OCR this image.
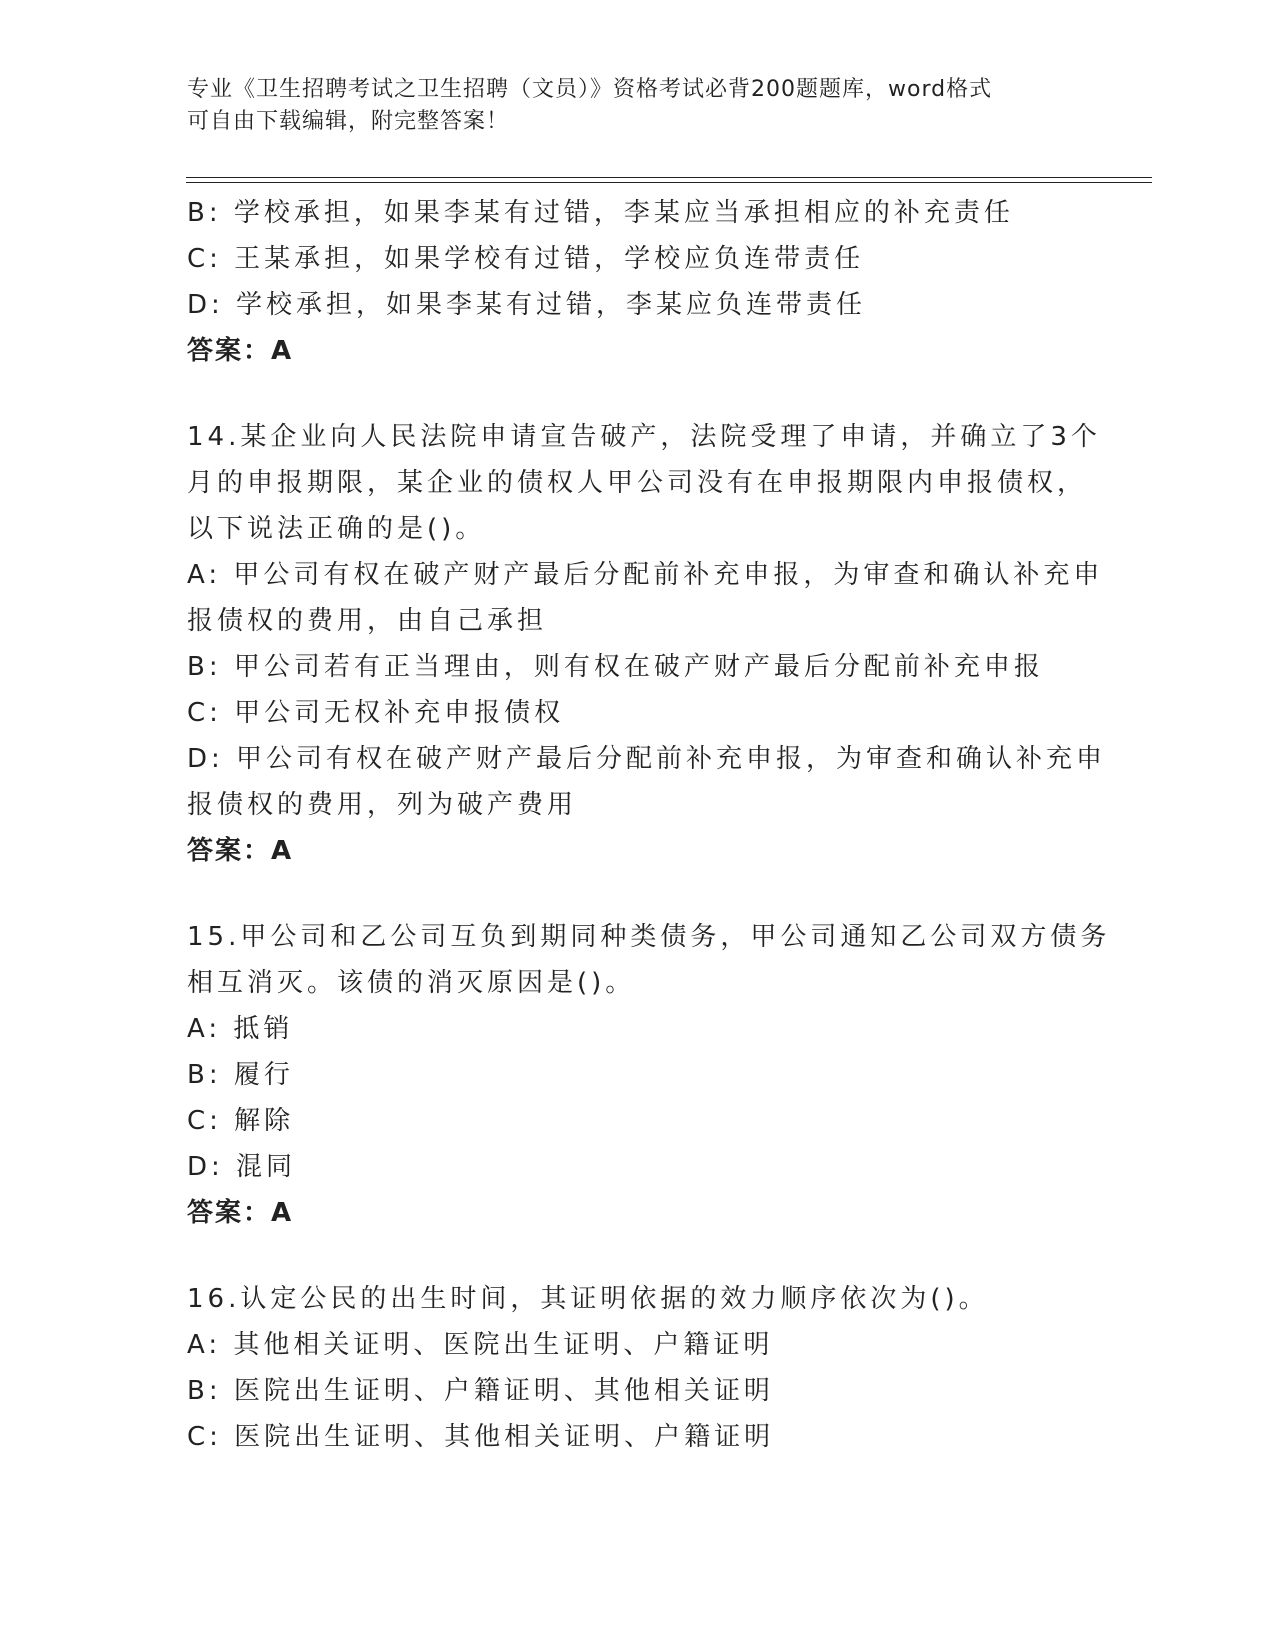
专业《卫生招聘考试之卫生招聘（文员）》资格考试必背200题题库，word格式
可自由下载编辑，附完整答案！
B: 学校承担，如果李某有过错，李某应当承担相应的补充责任
C: 王某承担，如果学校有过错，学校应负连带责任
D: 学校承担，如果李某有过错，李某应负连带责任
答案：A
14.某企业向人民法院申请宣告破产，法院受理了申请，并确立了3个
月的申报期限，某企业的债权人甲公司没有在申报期限内申报债权，
以下说法正确的是()。
A: 甲公司有权在破产财产最后分配前补充申报，为审查和确认补充申
报债权的费用，由自己承担
B: 甲公司若有正当理由，则有权在破产财产最后分配前补充申报
C: 甲公司无权补充申报债权
D: 甲公司有权在破产财产最后分配前补充申报，为审查和确认补充申
报债权的费用，列为破产费用
答案：A
15.甲公司和乙公司互负到期同种类债务，甲公司通知乙公司双方债务
相互消灭。该债的消灭原因是()。
A: 抵销
B: 履行
C: 解除
D: 混同
答案：A
16.认定公民的出生时间，其证明依据的效力顺序依次为()。
A: 其他相关证明、医院出生证明、户籍证明
B: 医院出生证明、户籍证明、其他相关证明
C: 医院出生证明、其他相关证明、户籍证明
